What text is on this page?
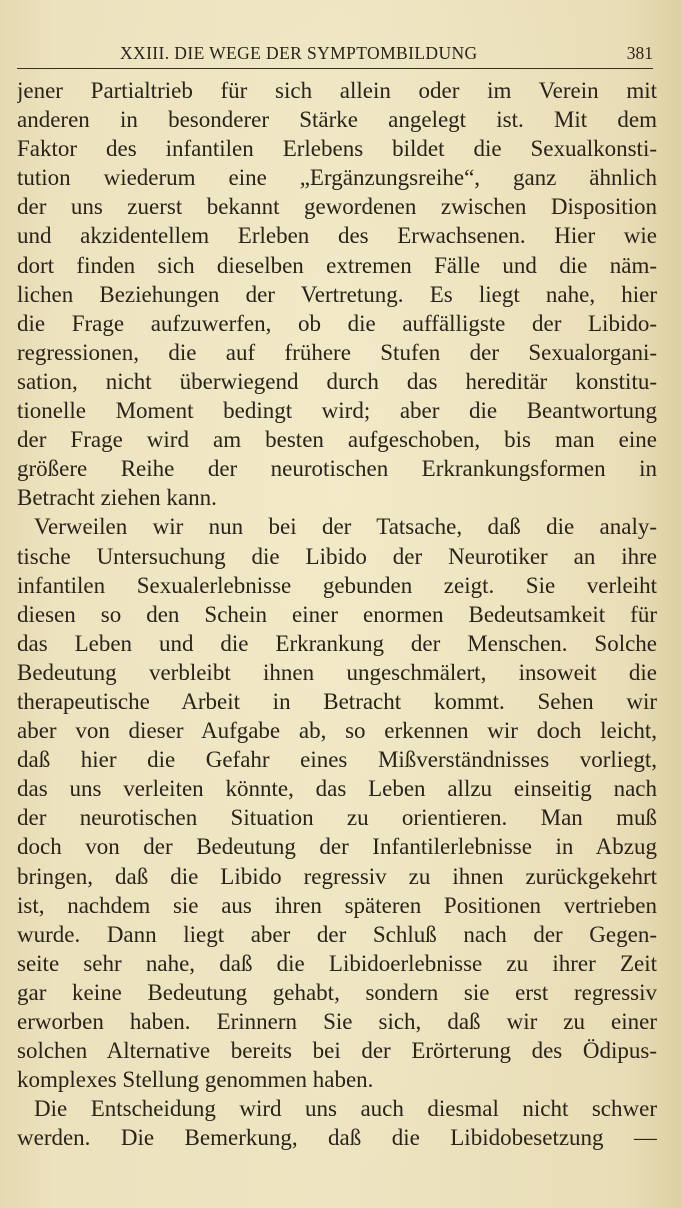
XXIII. DIE WEGE DER SYMPTOMBILDUNG	381
jener Partialtrieb für sich allein oder im Verein mit
anderen in besonderer Stärke angelegt ist. Mit dem
Faktor des infantilen Erlebens bildet die Sexualkonsti-
tution wiederum eine „Ergänzungsreihe“, ganz ähnlich
der uns zuerst bekannt gewordenen zwischen Disposition
und akzidentellem Erleben des Erwachsenen. Hier wie
dort finden sich dieselben extremen Fälle und die näm-
lichen Beziehungen der Vertretung. Es liegt nahe, hier
die Frage aufzuwerfen, ob die auffälligste der Libido-
regressionen, die auf frühere Stufen der Sexualorgani-
sation, nicht überwiegend durch das hereditär konstitu-
tionelle Moment bedingt wird; aber die Beantwortung
der Frage wird am besten aufgeschoben, bis man eine
größere Reihe der neurotischen Erkrankungsformen in
Betracht ziehen kann.
Verweilen wir nun bei der Tatsache, daß die analy-
tische Untersuchung die Libido der Neurotiker an ihre
infantilen Sexualerlebnisse gebunden zeigt. Sie verleiht
diesen so den Schein einer enormen Bedeutsamkeit für
das Leben und die Erkrankung der Menschen. Solche
Bedeutung verbleibt ihnen ungeschmälert, insoweit die
therapeutische Arbeit in Betracht kommt. Sehen wir
aber von dieser Aufgabe ab, so erkennen wir doch leicht,
daß hier die Gefahr eines Mißverständnisses vorliegt,
das uns verleiten könnte, das Leben allzu einseitig nach
der neurotischen Situation zu orientieren. Man muß
doch von der Bedeutung der Infantilerlebnisse in Abzug
bringen, daß die Libido regressiv zu ihnen zurückgekehrt
ist, nachdem sie aus ihren späteren Positionen vertrieben
wurde. Dann liegt aber der Schluß nach der Gegen-
seite sehr nahe, daß die Libidoerlebnisse zu ihrer Zeit
gar keine Bedeutung gehabt, sondern sie erst regressiv
erworben haben. Erinnern Sie sich, daß wir zu einer
solchen Alternative bereits bei der Erörterung des Ödipus-
komplexes Stellung genommen haben.
Die Entscheidung wird uns auch diesmal nicht schwer
werden. Die Bemerkung, daß die Libidobesetzung —
